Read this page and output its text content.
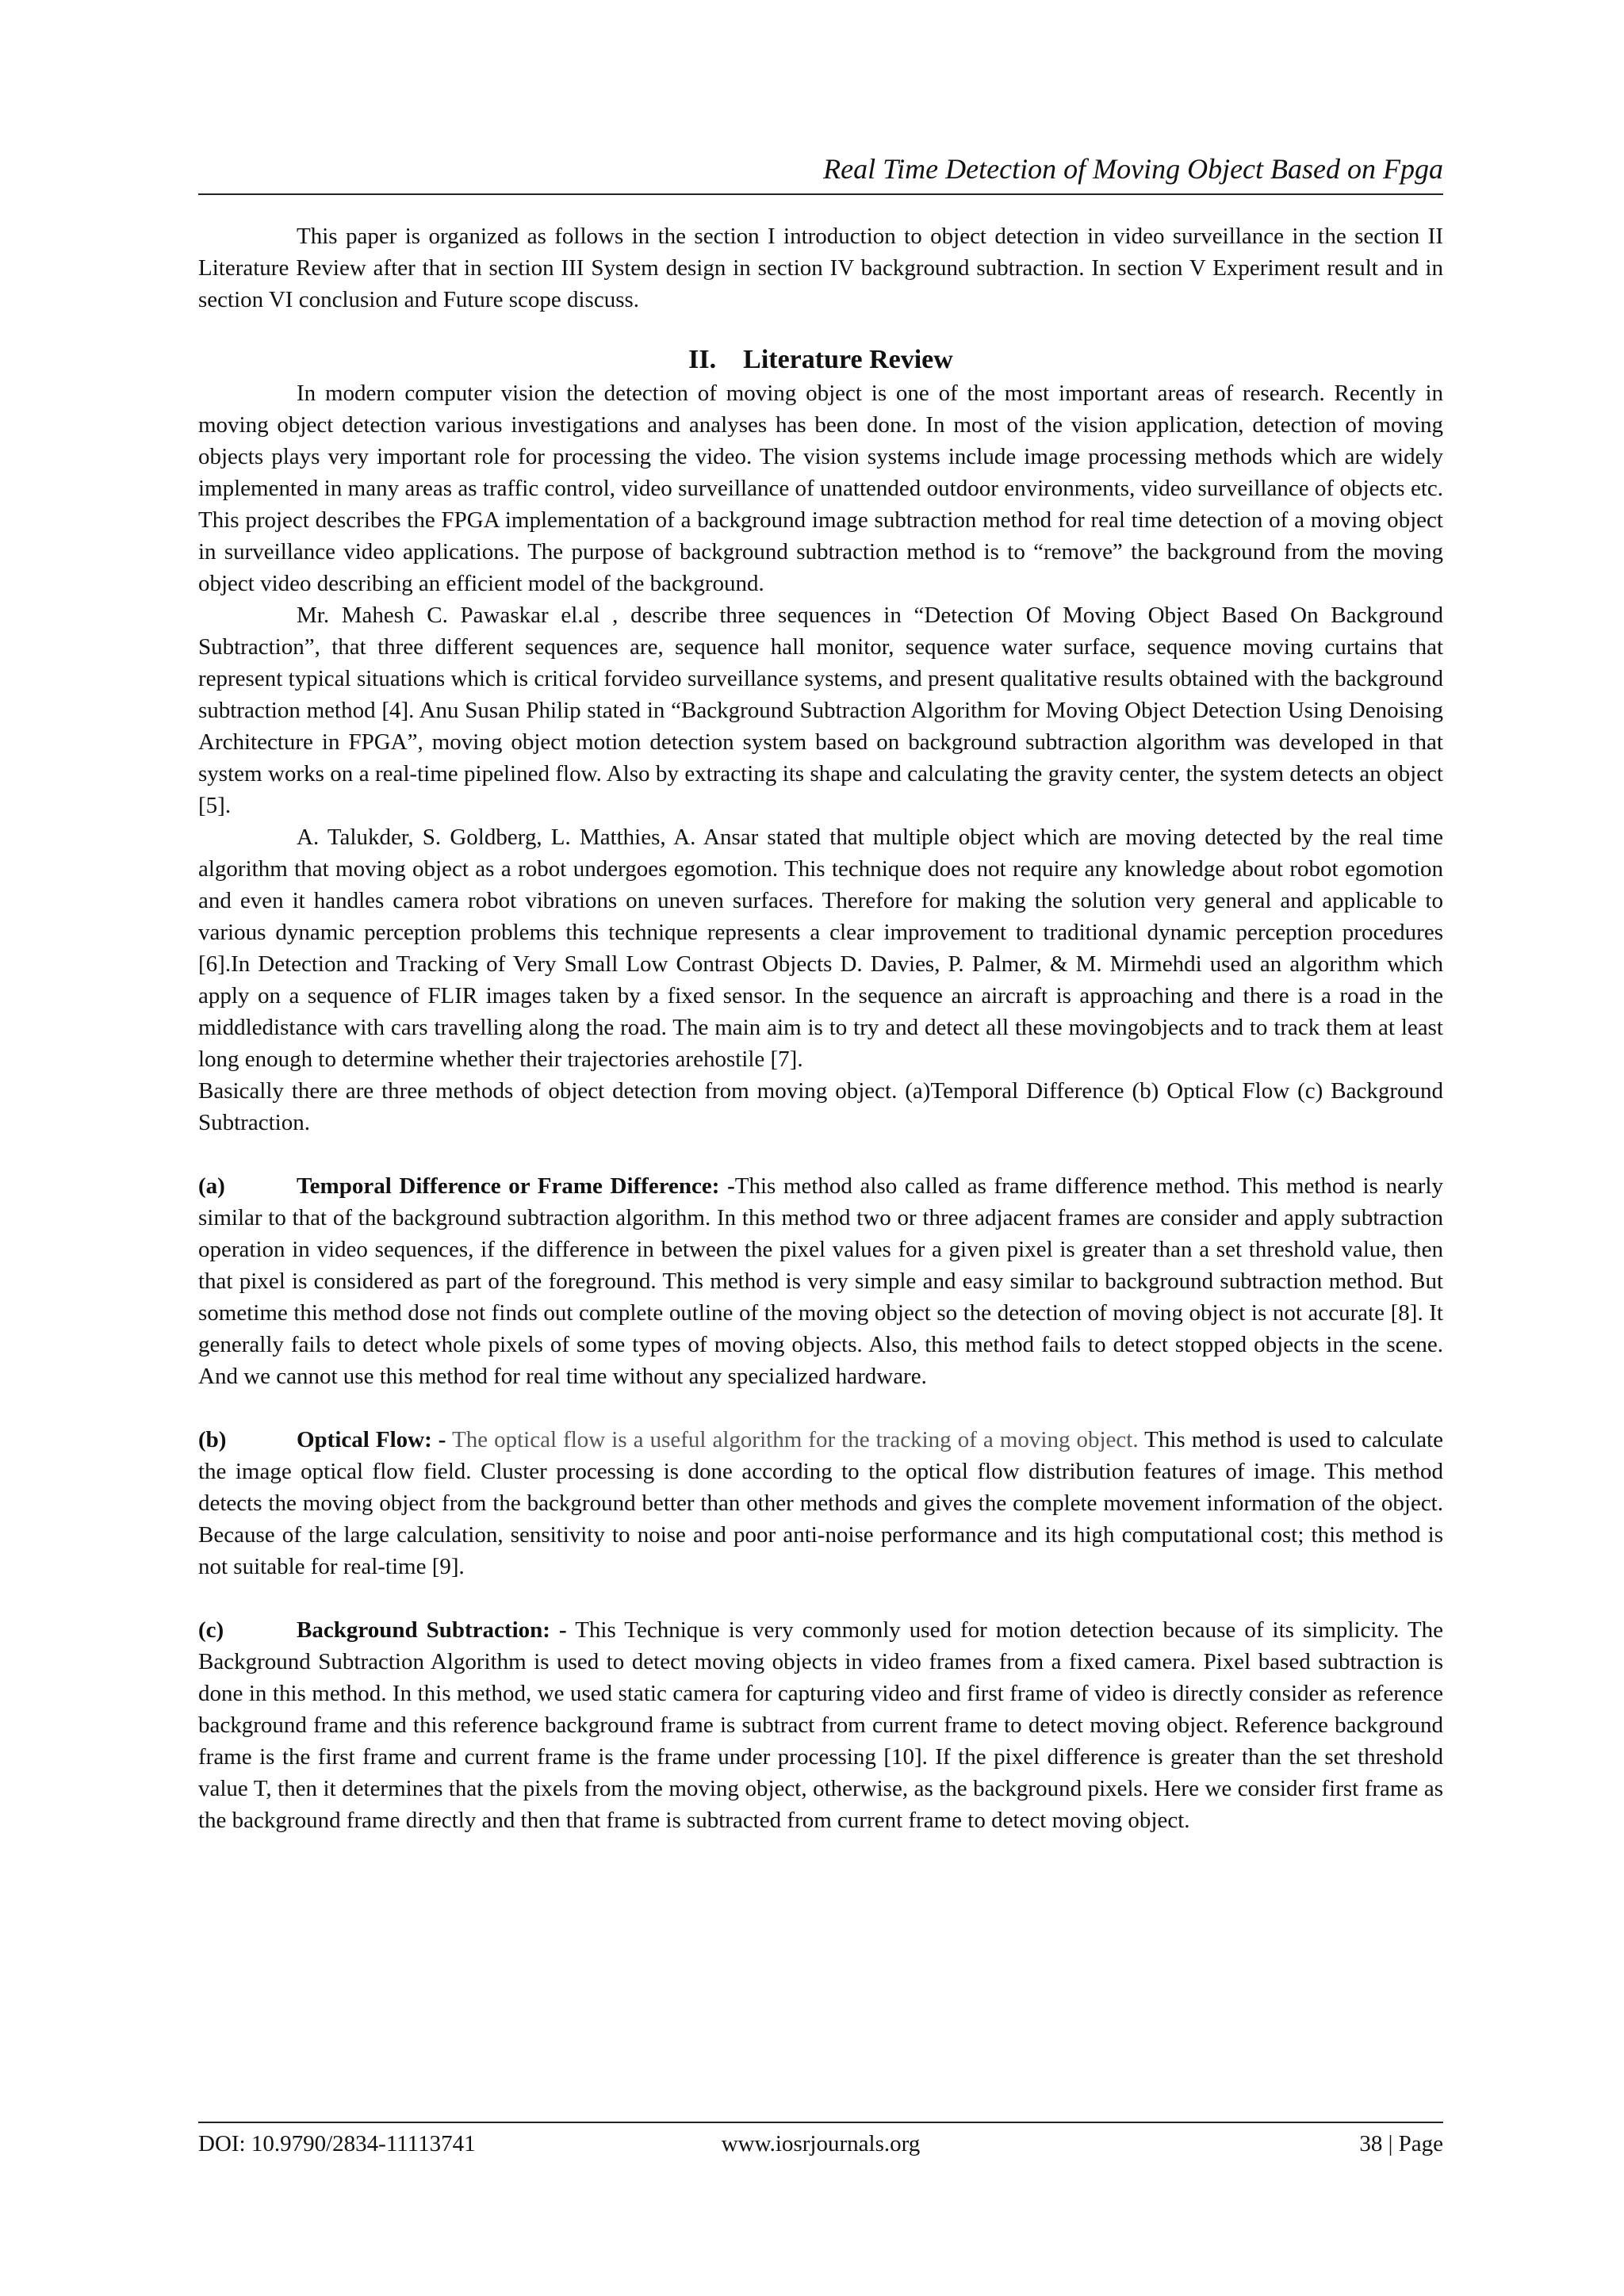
Real Time Detection of Moving Object Based on Fpga

This paper is organized as follows in the section I introduction to object detection in video surveillance in the section II Literature Review after that in section III System design in section IV background subtraction. In section V Experiment result and in section VI conclusion and Future scope discuss.

II. Literature Review

In modern computer vision the detection of moving object is one of the most important areas of research. Recently in moving object detection various investigations and analyses has been done. In most of the vision application, detection of moving objects plays very important role for processing the video. The vision systems include image processing methods which are widely implemented in many areas as traffic control, video surveillance of unattended outdoor environments, video surveillance of objects etc. This project describes the FPGA implementation of a background image subtraction method for real time detection of a moving object in surveillance video applications. The purpose of background subtraction method is to “remove” the background from the moving object video describing an efficient model of the background.

Mr. Mahesh C. Pawaskar el.al , describe three sequences in “Detection Of Moving Object Based On Background Subtraction”, that three different sequences are, sequence hall monitor, sequence water surface, sequence moving curtains that represent typical situations which is critical forvideo surveillance systems, and present qualitative results obtained with the background subtraction method [4]. Anu Susan Philip stated in “Background Subtraction Algorithm for Moving Object Detection Using Denoising Architecture in FPGA”, moving object motion detection system based on background subtraction algorithm was developed in that system works on a real-time pipelined flow. Also by extracting its shape and calculating the gravity center, the system detects an object [5].

A. Talukder, S. Goldberg, L. Matthies, A. Ansar stated that multiple object which are moving detected by the real time algorithm that moving object as a robot undergoes egomotion. This technique does not require any knowledge about robot egomotion and even it handles camera robot vibrations on uneven surfaces. Therefore for making the solution very general and applicable to various dynamic perception problems this technique represents a clear improvement to traditional dynamic perception procedures [6].In Detection and Tracking of Very Small Low Contrast Objects D. Davies, P. Palmer, & M. Mirmehdi used an algorithm which apply on a sequence of FLIR images taken by a fixed sensor. In the sequence an aircraft is approaching and there is a road in the middledistance with cars travelling along the road. The main aim is to try and detect all these movingobjects and to track them at least long enough to determine whether their trajectories arehostile [7].

Basically there are three methods of object detection from moving object. (a)Temporal Difference (b) Optical Flow (c) Background Subtraction.

(a)	Temporal Difference or Frame Difference: -This method also called as frame difference method. This method is nearly similar to that of the background subtraction algorithm. In this method two or three adjacent frames are consider and apply subtraction operation in video sequences, if the difference in between the pixel values for a given pixel is greater than a set threshold value, then that pixel is considered as part of the foreground. This method is very simple and easy similar to background subtraction method. But sometime this method dose not finds out complete outline of the moving object so the detection of moving object is not accurate [8]. It generally fails to detect whole pixels of some types of moving objects. Also, this method fails to detect stopped objects in the scene. And we cannot use this method for real time without any specialized hardware.

(b)	Optical Flow: - The optical flow is a useful algorithm for the tracking of a moving object. This method is used to calculate the image optical flow field. Cluster processing is done according to the optical flow distribution features of image. This method detects the moving object from the background better than other methods and gives the complete movement information of the object. Because of the large calculation, sensitivity to noise and poor anti-noise performance and its high computational cost; this method is not suitable for real-time [9].

(c)	Background Subtraction: - This Technique is very commonly used for motion detection because of its simplicity. The Background Subtraction Algorithm is used to detect moving objects in video frames from a fixed camera. Pixel based subtraction is done in this method. In this method, we used static camera for capturing video and first frame of video is directly consider as reference background frame and this reference background frame is subtract from current frame to detect moving object. Reference background frame is the first frame and current frame is the frame under processing [10]. If the pixel difference is greater than the set threshold value T, then it determines that the pixels from the moving object, otherwise, as the background pixels. Here we consider first frame as the background frame directly and then that frame is subtracted from current frame to detect moving object.

DOI: 10.9790/2834-11113741	www.iosrjournals.org	38 | Page
